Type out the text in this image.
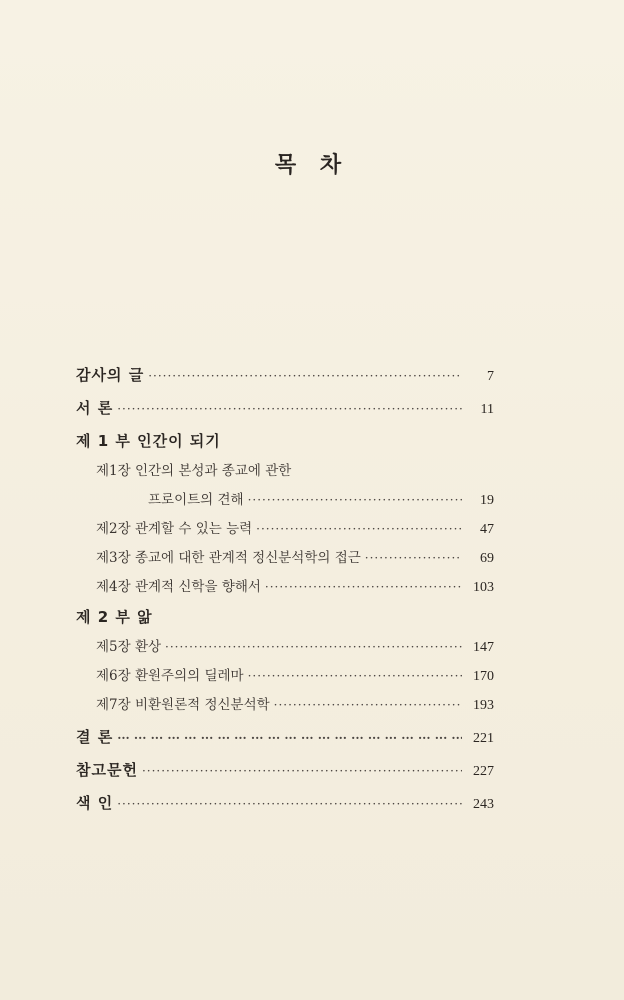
목 차
감사의 글 ·····	7
서 론 ·····	11
제 1 부 인간이 되기
제1장 인간의 본성과 종교에 관한
프로이트의 견해 ·····	19
제2장 관계할 수 있는 능력 ·····	47
제3장 종교에 대한 관계적 정신분석학의 접근 ·····	69
제4장 관계적 신학을 향해서 ·····	103
제 2 부 앎
제5장 환상 ·····	147
제6장 환원주의의 딜레마 ·····	170
제7장 비환원론적 정신분석학 ·····	193
결 론 ··· ·	221
참고문헌 ·····	227
색 인 ·····	243
